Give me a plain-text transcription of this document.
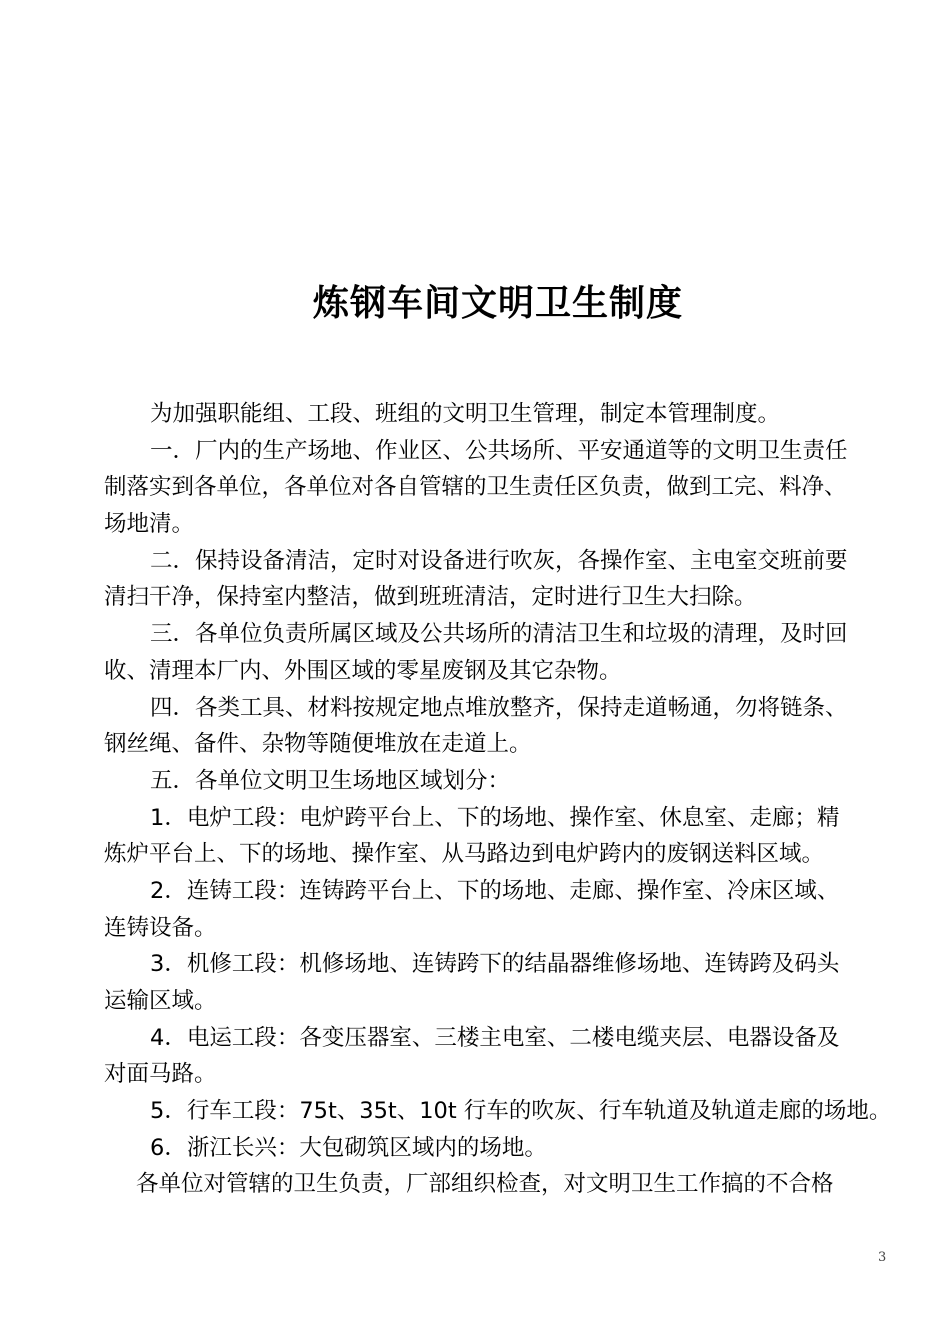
炼钢车间文明卫生制度
为加强职能组、工段、班组的文明卫生管理，制定本管理制度。
一．厂内的生产场地、作业区、公共场所、平安通道等的文明卫生责任
制落实到各单位，各单位对各自管辖的卫生责任区负责，做到工完、料净、
场地清。
二．保持设备清洁，定时对设备进行吹灰，各操作室、主电室交班前要
清扫干净，保持室内整洁，做到班班清洁，定时进行卫生大扫除。
三．各单位负责所属区域及公共场所的清洁卫生和垃圾的清理，及时回
收、清理本厂内、外围区域的零星废钢及其它杂物。
四．各类工具、材料按规定地点堆放整齐，保持走道畅通，勿将链条、
钢丝绳、备件、杂物等随便堆放在走道上。
五．各单位文明卫生场地区域划分：
1．电炉工段：电炉跨平台上、下的场地、操作室、休息室、走廊；精
炼炉平台上、下的场地、操作室、从马路边到电炉跨内的废钢送料区域。
2．连铸工段：连铸跨平台上、下的场地、走廊、操作室、冷床区域、
连铸设备。
3．机修工段：机修场地、连铸跨下的结晶器维修场地、连铸跨及码头
运输区域。
4．电运工段：各变压器室、三楼主电室、二楼电缆夹层、电器设备及
对面马路。
5．行车工段：75t、35t、10t 行车的吹灰、行车轨道及轨道走廊的场地。
6．浙江长兴：大包砌筑区域内的场地。
各单位对管辖的卫生负责，厂部组织检查，对文明卫生工作搞的不合格
3
